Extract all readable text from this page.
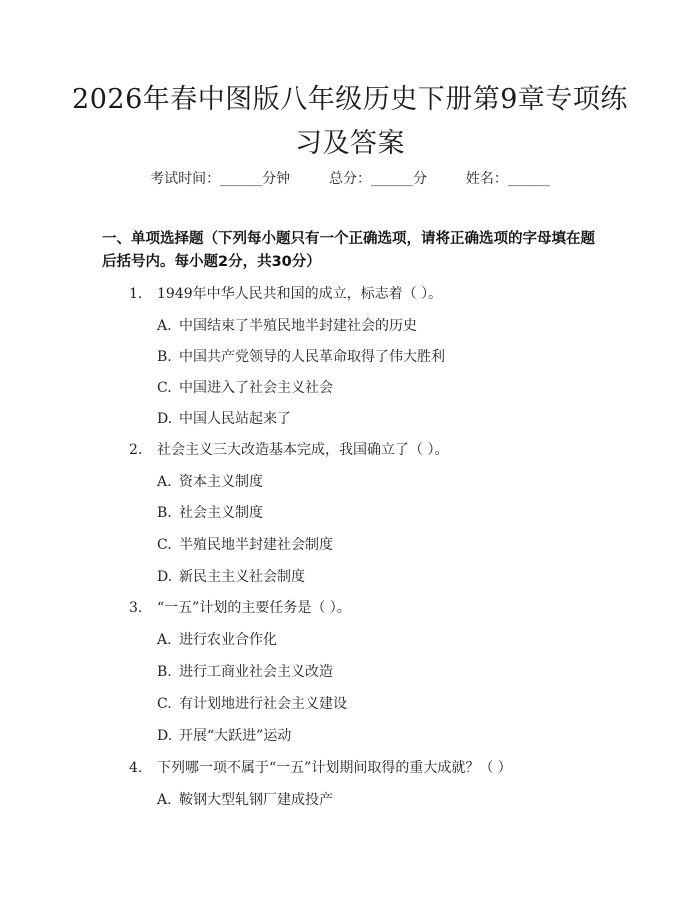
2026年春中图版八年级历史下册第9章专项练习及答案
考试时间：______分钟	总分：______分	姓名：______
一、单项选择题（下列每小题只有一个正确选项，请将正确选项的字母填在题后括号内。每小题2分，共30分）
1. 1949年中华人民共和国的成立，标志着（ ）。
A. 中国结束了半殖民地半封建社会的历史
B. 中国共产党领导的人民革命取得了伟大胜利
C. 中国进入了社会主义社会
D. 中国人民站起来了
2. 社会主义三大改造基本完成，我国确立了（ ）。
A. 资本主义制度
B. 社会主义制度
C. 半殖民地半封建社会制度
D. 新民主主义社会制度
3. “一五”计划的主要任务是（ ）。
A. 进行农业合作化
B. 进行工商业社会主义改造
C. 有计划地进行社会主义建设
D. 开展“大跃进”运动
4. 下列哪一项不属于“一五”计划期间取得的重大成就？（ ）
A. 鞍钢大型轧钢厂建成投产
